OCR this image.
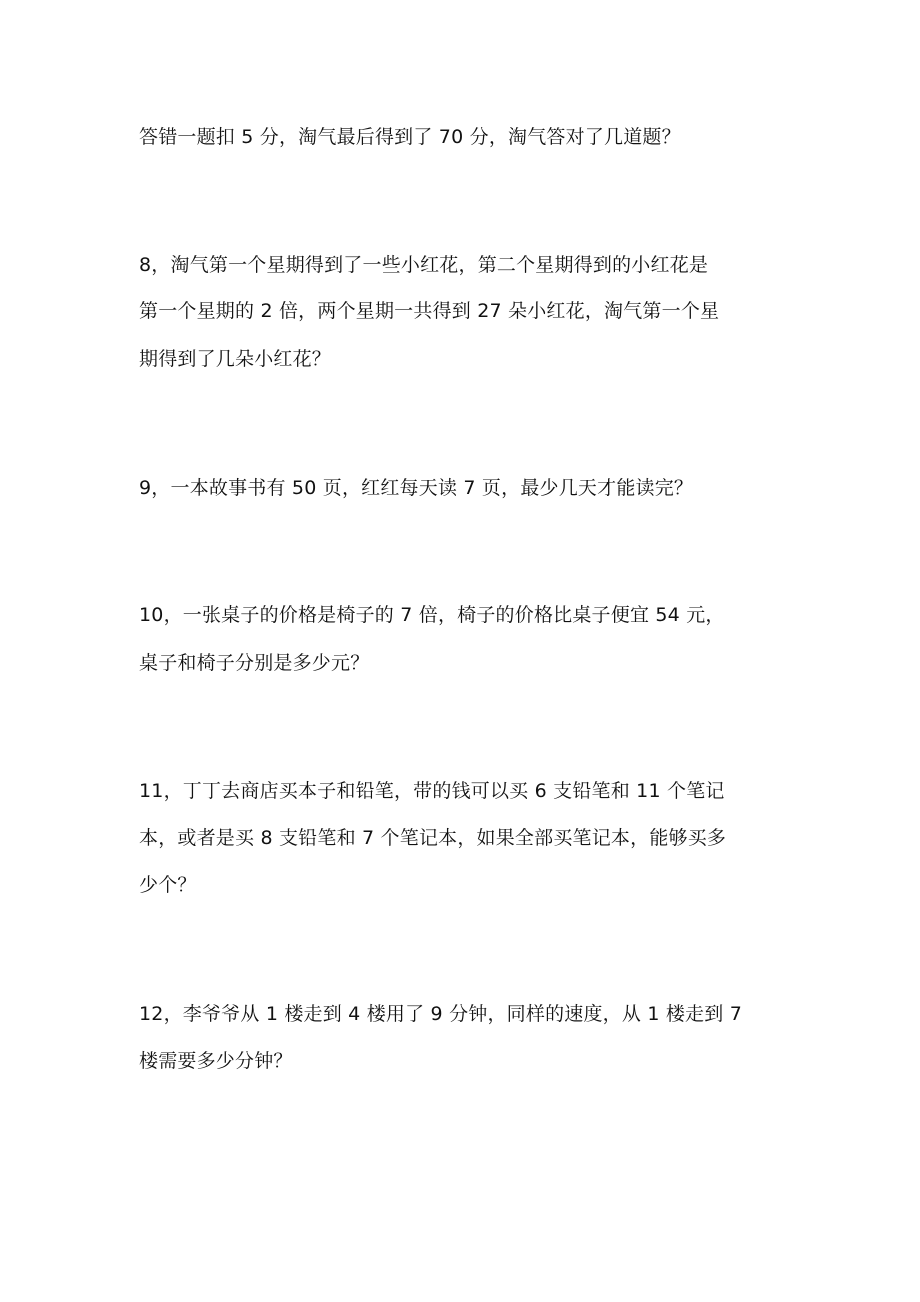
答错一题扣 5 分，淘气最后得到了 70 分，淘气答对了几道题？
8，淘气第一个星期得到了一些小红花，第二个星期得到的小红花是
第一个星期的 2 倍，两个星期一共得到 27 朵小红花，淘气第一个星
期得到了几朵小红花？
9，一本故事书有 50 页，红红每天读 7 页，最少几天才能读完？
10，一张桌子的价格是椅子的 7 倍，椅子的价格比桌子便宜 54 元，
桌子和椅子分别是多少元？
11，丁丁去商店买本子和铅笔，带的钱可以买 6 支铅笔和 11 个笔记
本，或者是买 8 支铅笔和 7 个笔记本，如果全部买笔记本，能够买多
少个？
12，李爷爷从 1 楼走到 4 楼用了 9 分钟，同样的速度，从 1 楼走到 7
楼需要多少分钟？
